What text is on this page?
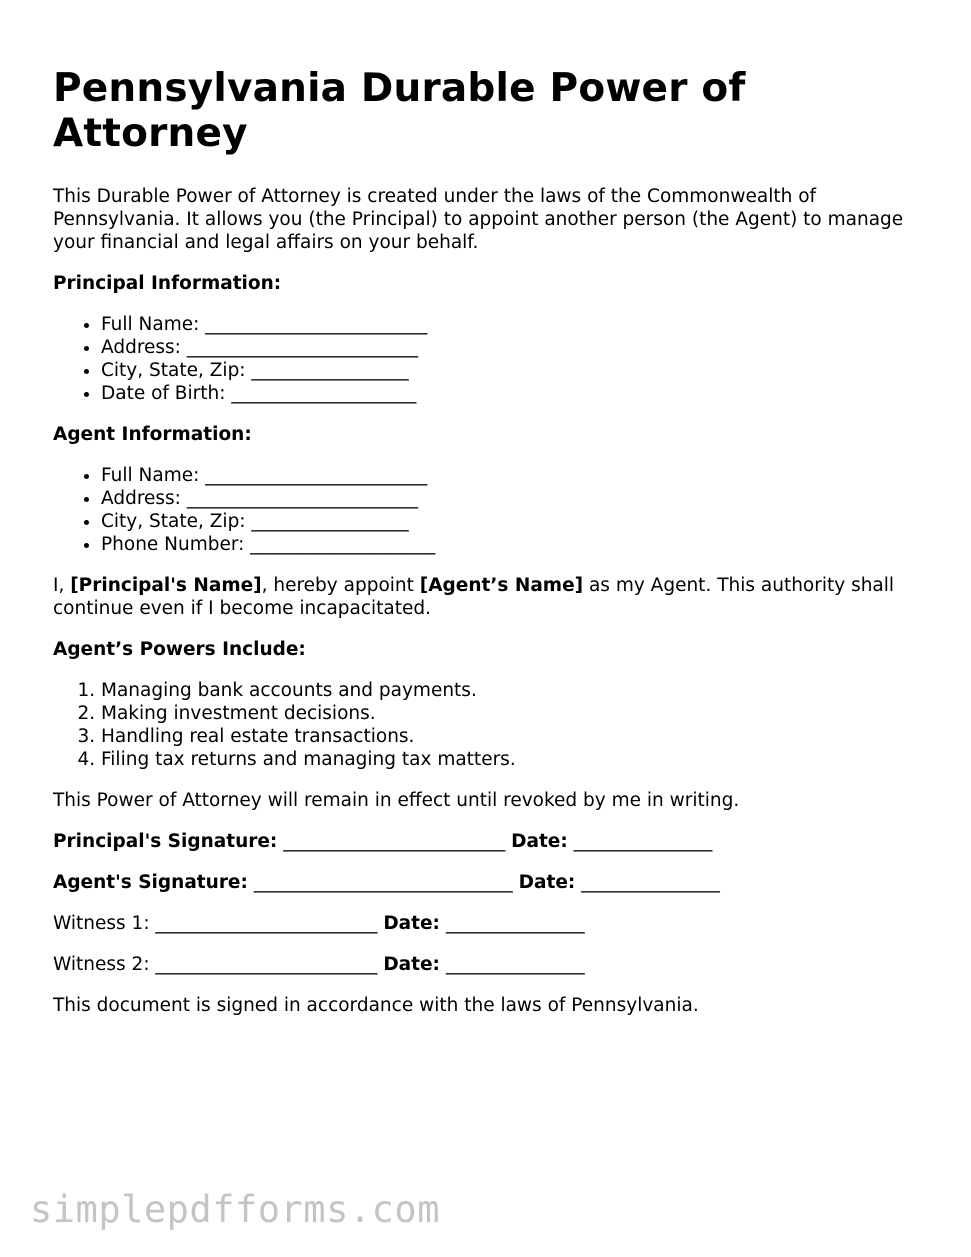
Pennsylvania Durable Power of Attorney

This Durable Power of Attorney is created under the laws of the Commonwealth of Pennsylvania. It allows you (the Principal) to appoint another person (the Agent) to manage your financial and legal affairs on your behalf.

Principal Information:
• Full Name: ________________________
• Address: _________________________
• City, State, Zip: _________________
• Date of Birth: ____________________
Agent Information:
• Full Name: ________________________
• Address: _________________________
• City, State, Zip: _________________
• Phone Number: ____________________

I, [Principal's Name], hereby appoint [Agent’s Name] as my Agent. This authority shall continue even if I become incapacitated.

Agent’s Powers Include:
1. Managing bank accounts and payments.
2. Making investment decisions.
3. Handling real estate transactions.
4. Filing tax returns and managing tax matters.

This Power of Attorney will remain in effect until revoked by me in writing.

Principal's Signature: ________________________ Date: _______________
Agent's Signature: ____________________________ Date: _______________
Witness 1: ________________________ Date: _______________
Witness 2: ________________________ Date: _______________

This document is signed in accordance with the laws of Pennsylvania.

simplepdfforms.com
